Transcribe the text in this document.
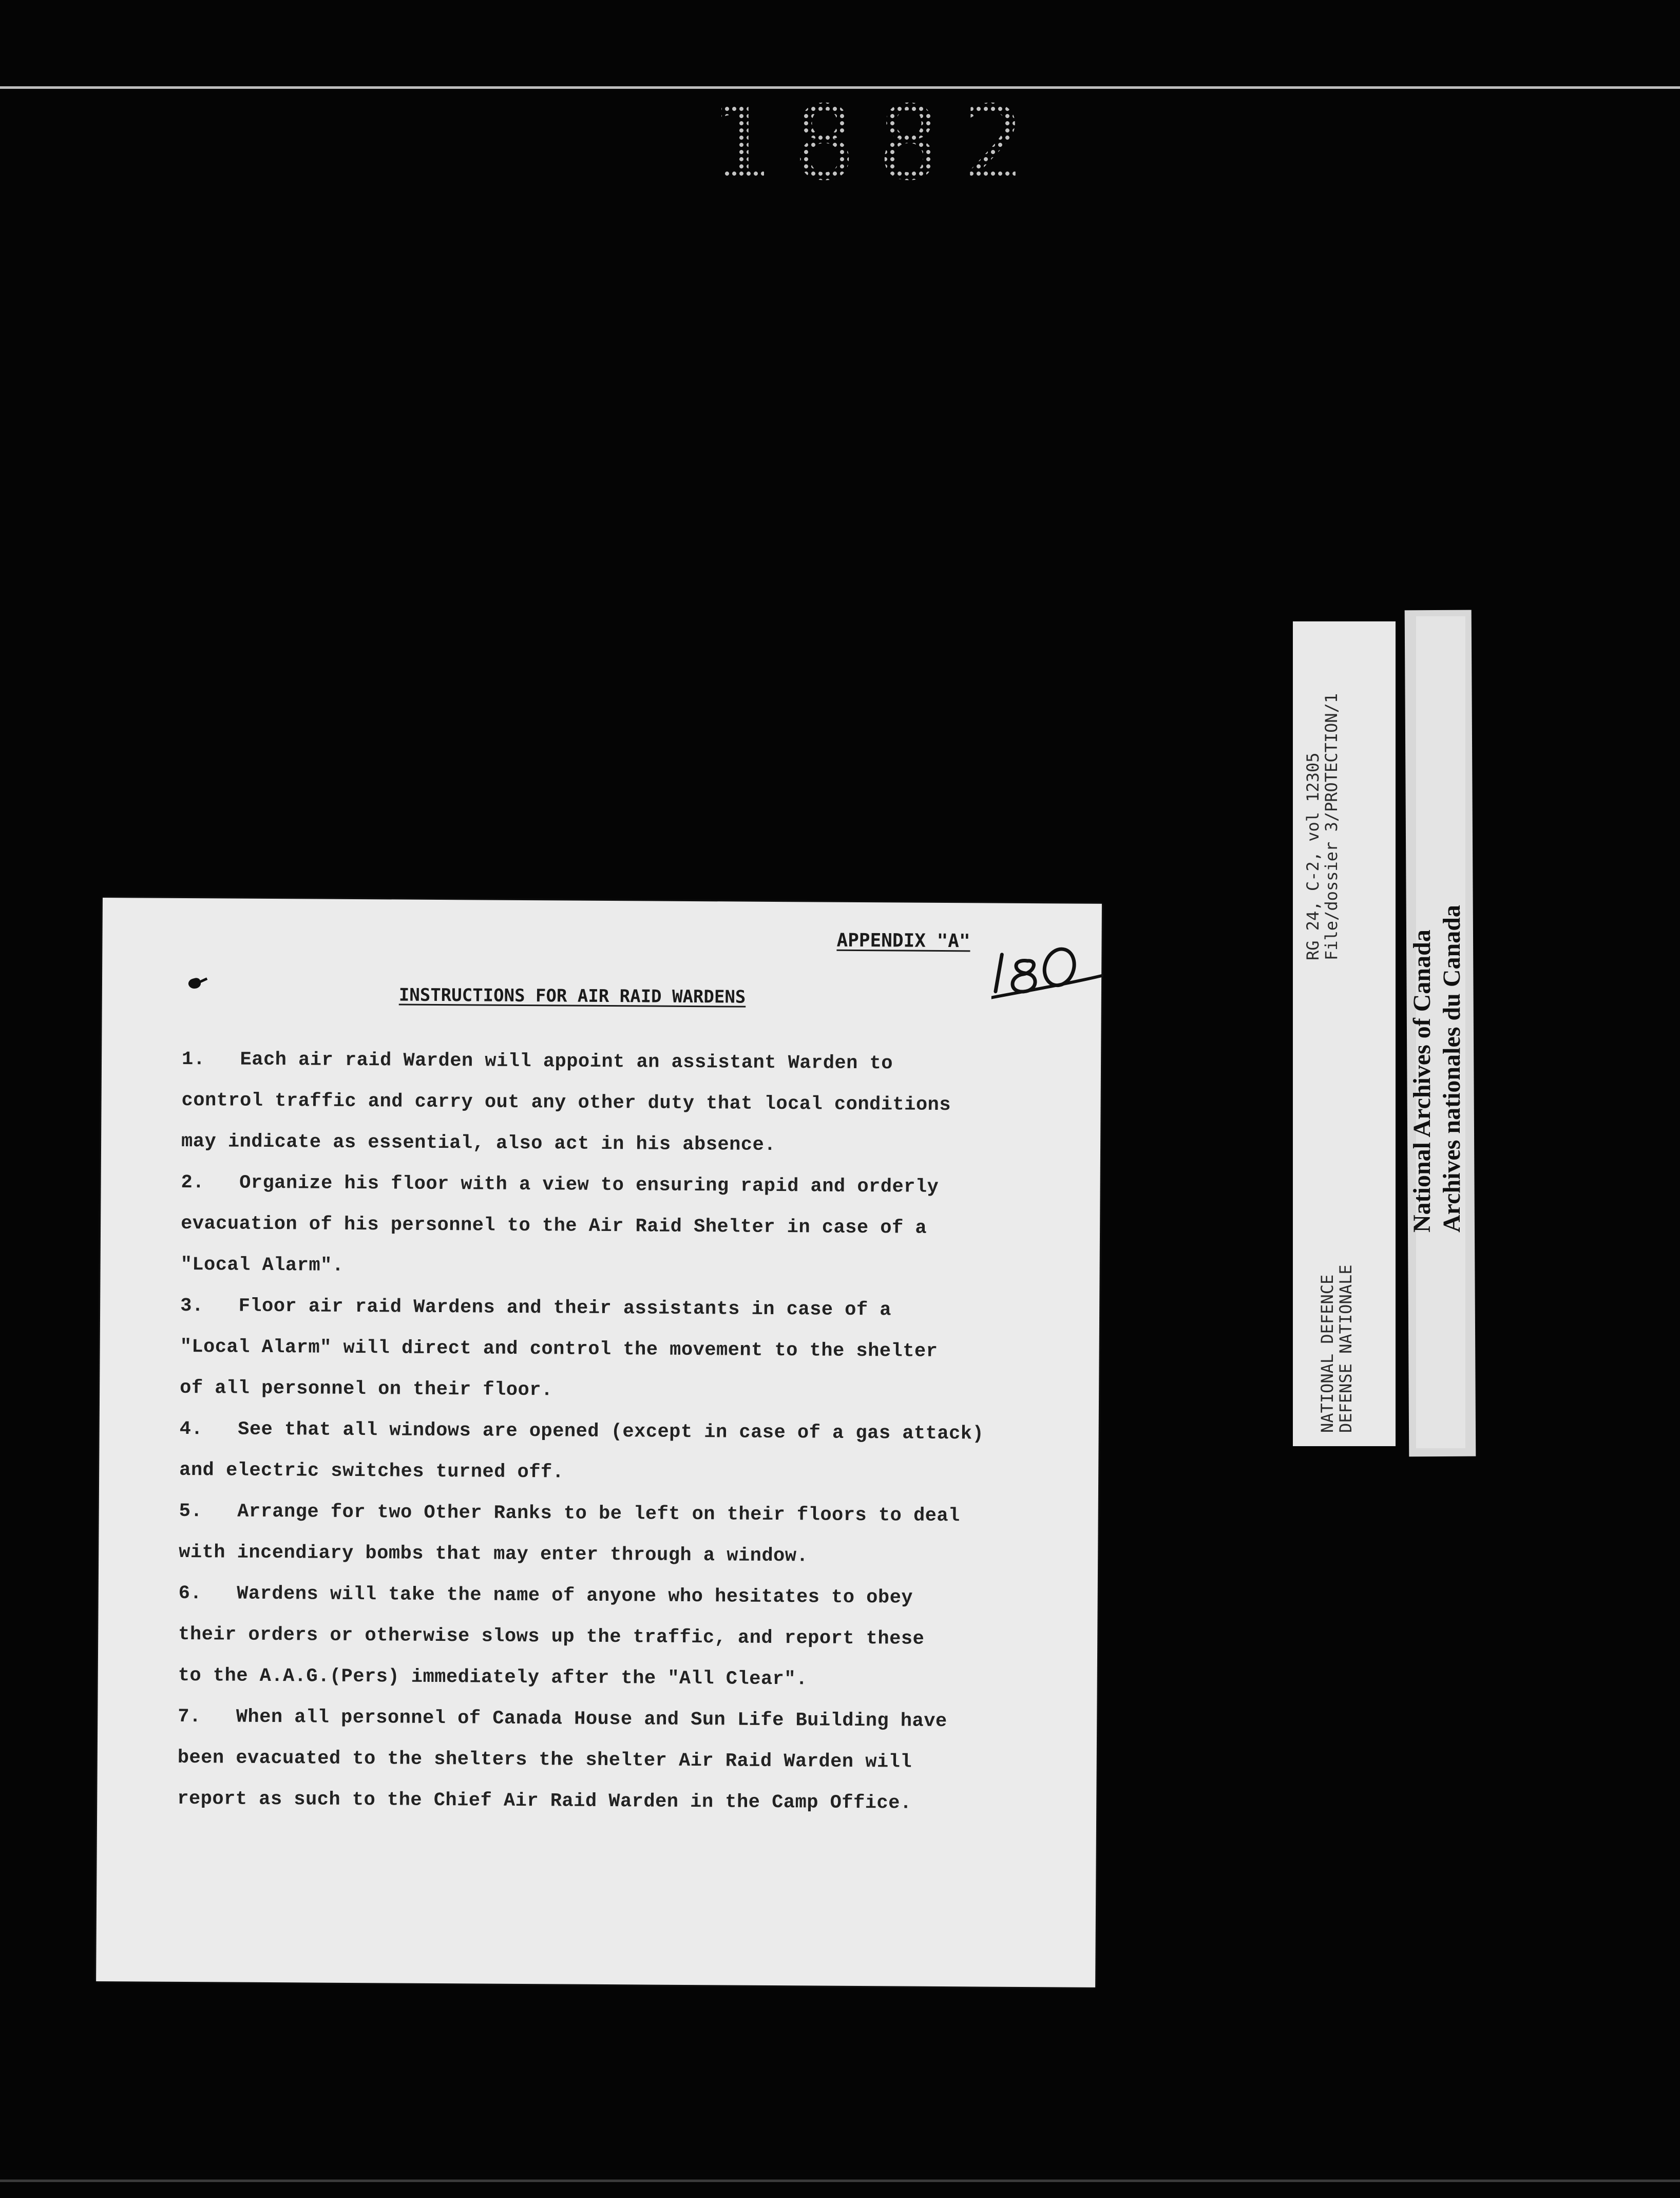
1882
APPENDIX "A"
INSTRUCTIONS FOR AIR RAID WARDENS
1.   Each air raid Warden will appoint an assistant Warden to
control traffic and carry out any other duty that local conditions
may indicate as essential, also act in his absence.
2.   Organize his floor with a view to ensuring rapid and orderly
evacuation of his personnel to the Air Raid Shelter in case of a
"Local Alarm".
3.   Floor air raid Wardens and their assistants in case of a
"Local Alarm" will direct and control the movement to the shelter
of all personnel on their floor.
4.   See that all windows are opened (except in case of a gas attack)
and electric switches turned off.
5.   Arrange for two Other Ranks to be left on their floors to deal
with incendiary bombs that may enter through a window.
6.   Wardens will take the name of anyone who hesitates to obey
their orders or otherwise slows up the traffic, and report these
to the A.A.G.(Pers) immediately after the "All Clear".
7.   When all personnel of Canada House and Sun Life Building have
been evacuated to the shelters the shelter Air Raid Warden will
report as such to the Chief Air Raid Warden in the Camp Office.
RG 24, C-2, vol 12305
File/dossier 3/PROTECTION/1
NATIONAL DEFENCE
DEFENSE NATIONALE
National Archives of Canada Archives nationales du Canada
